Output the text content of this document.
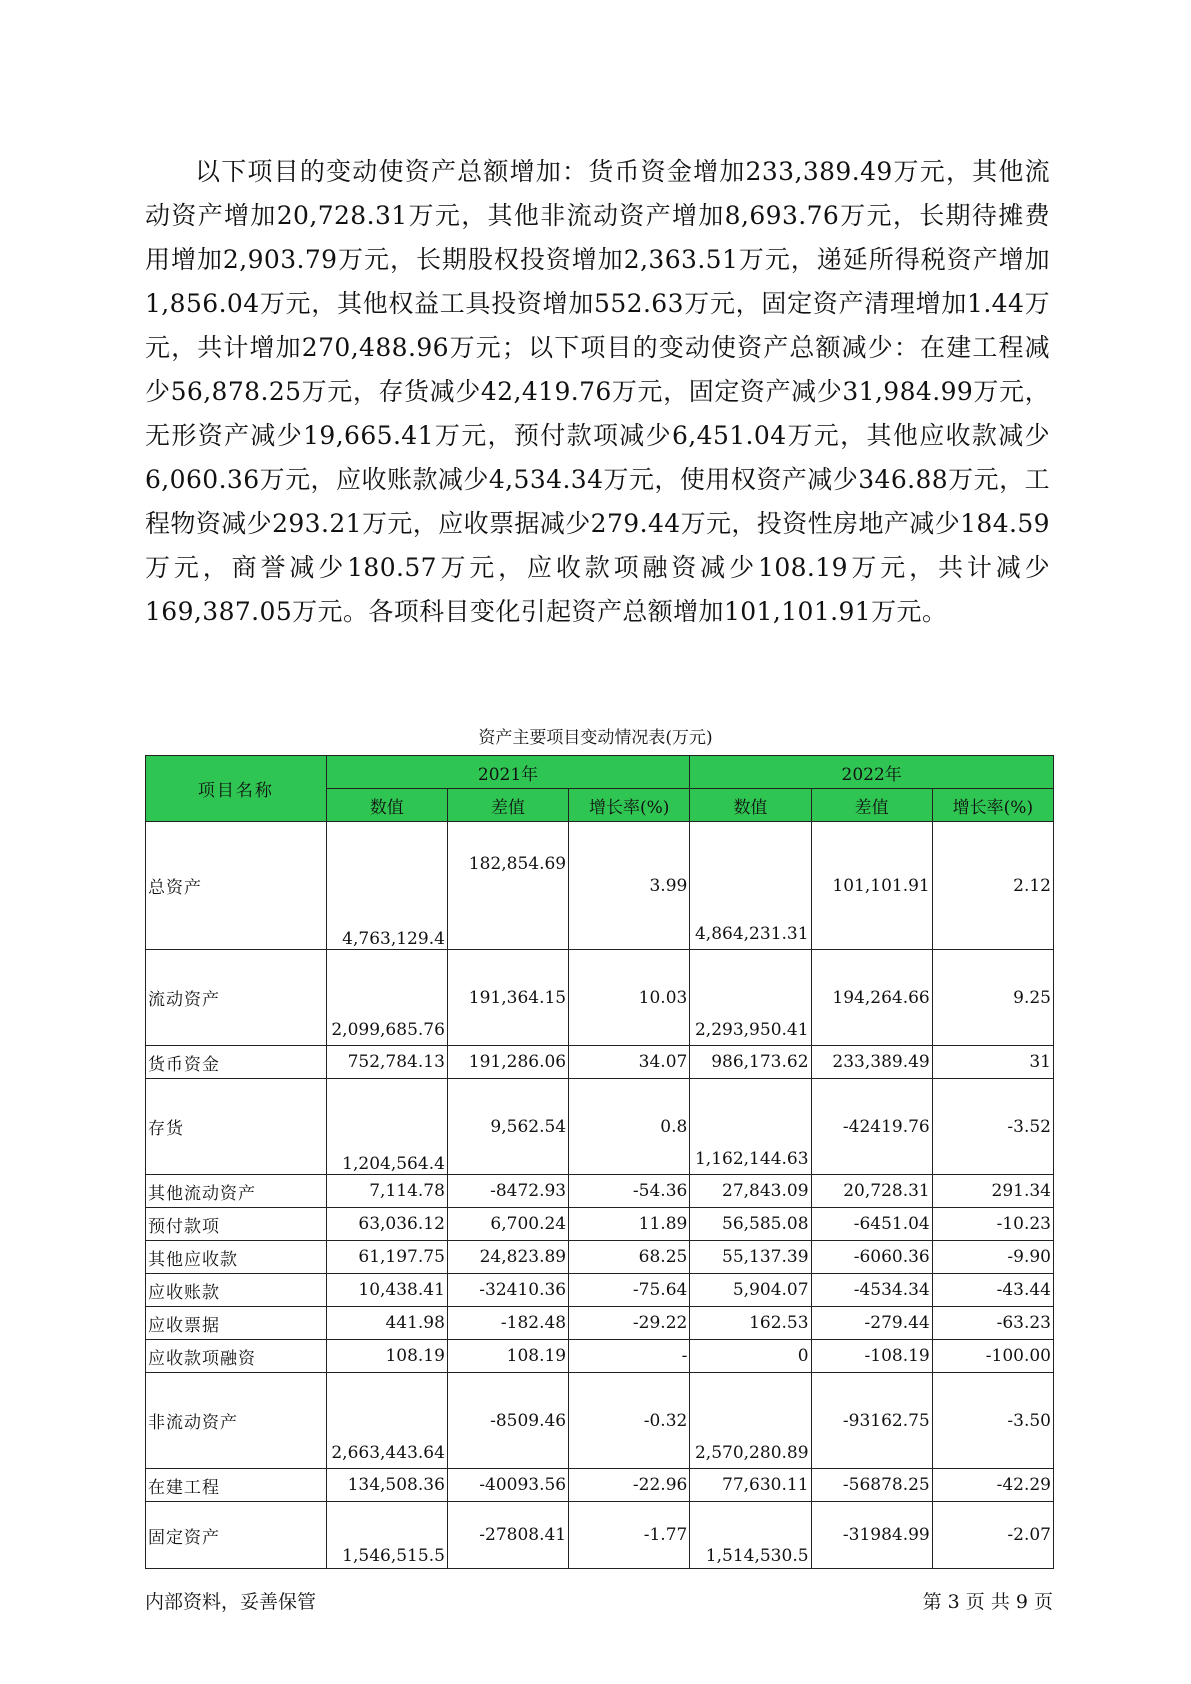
以下项目的变动使资产总额增加：货币资金增加233,389.49万元，其他流动资产增加20,728.31万元，其他非流动资产增加8,693.76万元，长期待摊费用增加2,903.79万元，长期股权投资增加2,363.51万元，递延所得税资产增加1,856.04万元，其他权益工具投资增加552.63万元，固定资产清理增加1.44万元，共计增加270,488.96万元；以下项目的变动使资产总额减少：在建工程减少56,878.25万元，存货减少42,419.76万元，固定资产减少31,984.99万元，无形资产减少19,665.41万元，预付款项减少6,451.04万元，其他应收款减少6,060.36万元，应收账款减少4,534.34万元，使用权资产减少346.88万元，工程物资减少293.21万元，应收票据减少279.44万元，投资性房地产减少184.59万元，商誉减少180.57万元，应收款项融资减少108.19万元，共计减少169,387.05万元。各项科目变化引起资产总额增加101,101.91万元。

资产主要项目变动情况表(万元)

项目名称	2021年			2022年		
	数值	差值	增长率(%)	数值	差值	增长率(%)
总资产	4,763,129.4	182,854.69	3.99	4,864,231.31	101,101.91	2.12
流动资产	2,099,685.76	191,364.15	10.03	2,293,950.41	194,264.66	9.25
货币资金	752,784.13	191,286.06	34.07	986,173.62	233,389.49	31
存货	1,204,564.4	9,562.54	0.8	1,162,144.63	-42419.76	-3.52
其他流动资产	7,114.78	-8472.93	-54.36	27,843.09	20,728.31	291.34
预付款项	63,036.12	6,700.24	11.89	56,585.08	-6451.04	-10.23
其他应收款	61,197.75	24,823.89	68.25	55,137.39	-6060.36	-9.90
应收账款	10,438.41	-32410.36	-75.64	5,904.07	-4534.34	-43.44
应收票据	441.98	-182.48	-29.22	162.53	-279.44	-63.23
应收款项融资	108.19	108.19	-	0	-108.19	-100.00
非流动资产	2,663,443.64	-8509.46	-0.32	2,570,280.89	-93162.75	-3.50
在建工程	134,508.36	-40093.56	-22.96	77,630.11	-56878.25	-42.29
固定资产	1,546,515.5	-27808.41	-1.77	1,514,530.5	-31984.99	-2.07
内部资料，妥善保管	第 3 页 共 9 页
